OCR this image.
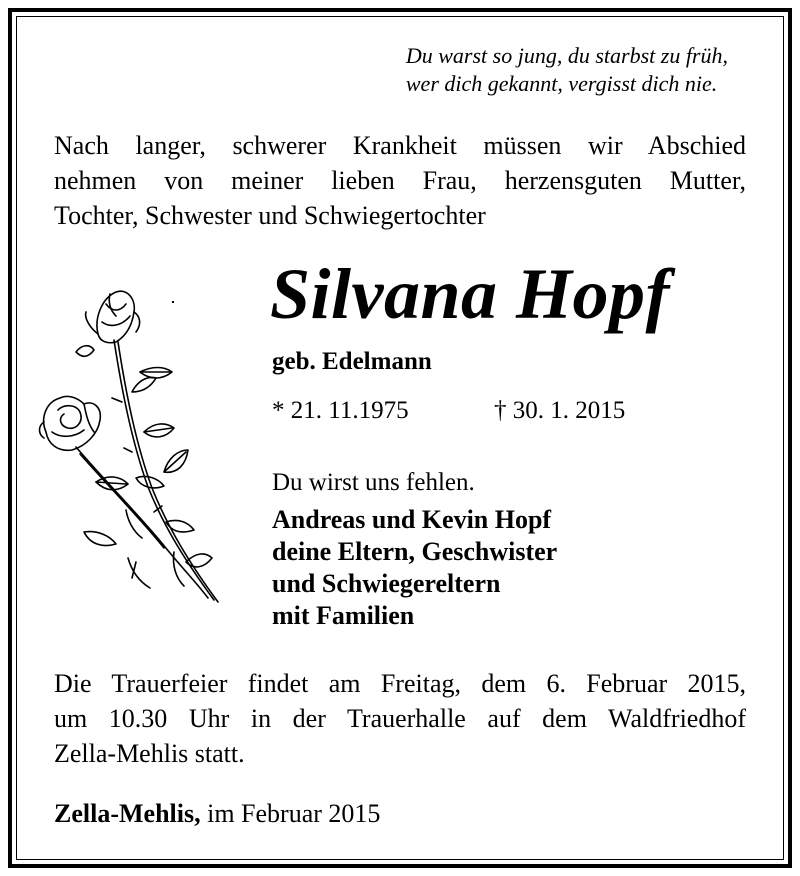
Du warst so jung, du starbst zu früh,
wer dich gekannt, vergisst dich nie.
Nach langer, schwerer Krankheit müssen wir Abschied
nehmen von meiner lieben Frau, herzensguten Mutter,
Tochter, Schwester und Schwiegertochter
Silvana Hopf
geb. Edelmann
* 21. 11.1975	† 30. 1. 2015
Du wirst uns fehlen.
Andreas und Kevin Hopf
deine Eltern, Geschwister
und Schwiegereltern
mit Familien
Die Trauerfeier findet am Freitag, dem 6. Februar 2015,
um 10.30 Uhr in der Trauerhalle auf dem Waldfriedhof
Zella-Mehlis statt.
Zella-Mehlis, im Februar 2015
